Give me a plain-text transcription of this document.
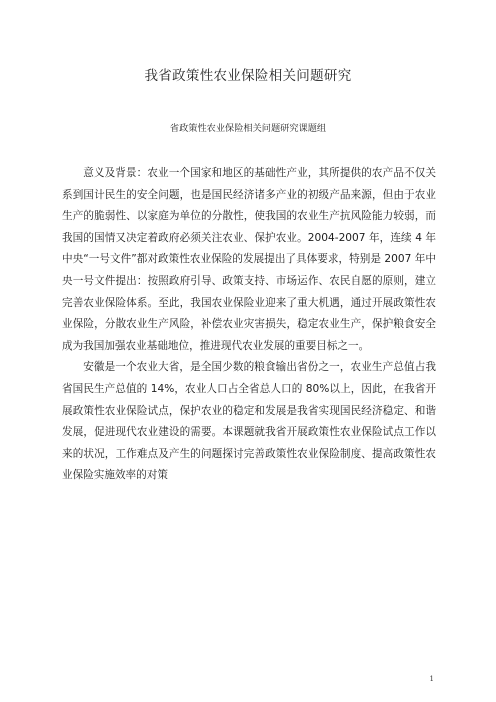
我省政策性农业保险相关问题研究
省政策性农业保险相关问题研究课题组

意义及背景：农业一个国家和地区的基础性产业，其所提供的农产品不仅关系到国计民生的安全问题，也是国民经济诸多产业的初级产品来源，但由于农业生产的脆弱性、以家庭为单位的分散性，使我国的农业生产抗风险能力较弱，而我国的国情又决定着政府必须关注农业、保护农业。2004-2007 年，连续 4 年中央“一号文件”都对政策性农业保险的发展提出了具体要求，特别是 2007 年中央一号文件提出：按照政府引导、政策支持、市场运作、农民自愿的原则，建立完善农业保险体系。至此，我国农业保险业迎来了重大机遇，通过开展政策性农业保险，分散农业生产风险，补偿农业灾害损失，稳定农业生产，保护粮食安全成为我国加强农业基础地位，推进现代农业发展的重要目标之一。

安徽是一个农业大省，是全国少数的粮食输出省份之一，农业生产总值占我省国民生产总值的 14%，农业人口占全省总人口的 80%以上，因此，在我省开展政策性农业保险试点，保护农业的稳定和发展是我省实现国民经济稳定、和谐发展，促进现代农业建设的需要。本课题就我省开展政策性农业保险试点工作以来的状况，工作难点及产生的问题探讨完善政策性农业保险制度、提高政策性农业保险实施效率的对策

1
